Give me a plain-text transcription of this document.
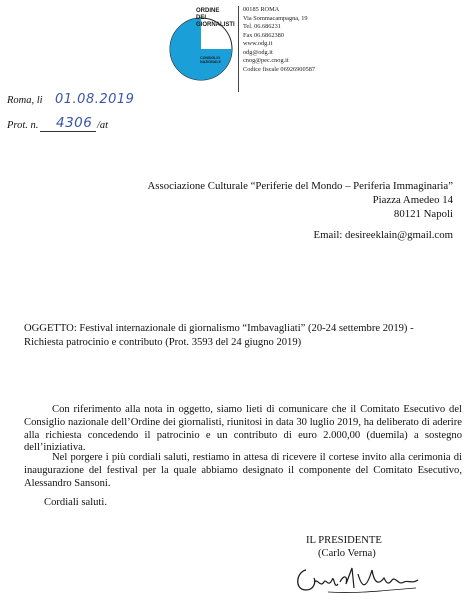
ORDINE
DEI
GIORNALISTI
CONSIGLIO
NAZIONALE
00185 ROMA
Via Sommacampagna, 19
Tel. 06.686231
Fax 06.6862380
www.odg.it
odg@odg.it
cnog@pec.cnog.it
Codice fiscale 06926900587
Roma, li 01.08.2019
Prot. n. 4306 /at
Associazione Culturale “Periferie del Mondo – Periferia Immaginaria”
Piazza Amedeo 14
80121 Napoli
Email: desireeklain@gmail.com
OGGETTO: Festival internazionale di giornalismo “Imbavagliati” (20-24 settembre 2019) - Richiesta patrocinio e contributo (Prot. 3593 del 24 giugno 2019)

Con riferimento alla nota in oggetto, siamo lieti di comunicare che il Comitato Esecutivo del Consiglio nazionale dell’Ordine dei giornalisti, riunitosi in data 30 luglio 2019, ha deliberato di aderire alla richiesta concedendo il patrocinio e un contributo di euro 2.000,00 (duemila) a sostegno dell’iniziativa.

Nel porgere i più cordiali saluti, restiamo in attesa di ricevere il cortese invito alla cerimonia di inaugurazione del festival per la quale abbiamo designato il componente del Comitato Esecutivo, Alessandro Sansoni.

Cordiali saluti.
IL PRESIDENTE
(Carlo Verna)
